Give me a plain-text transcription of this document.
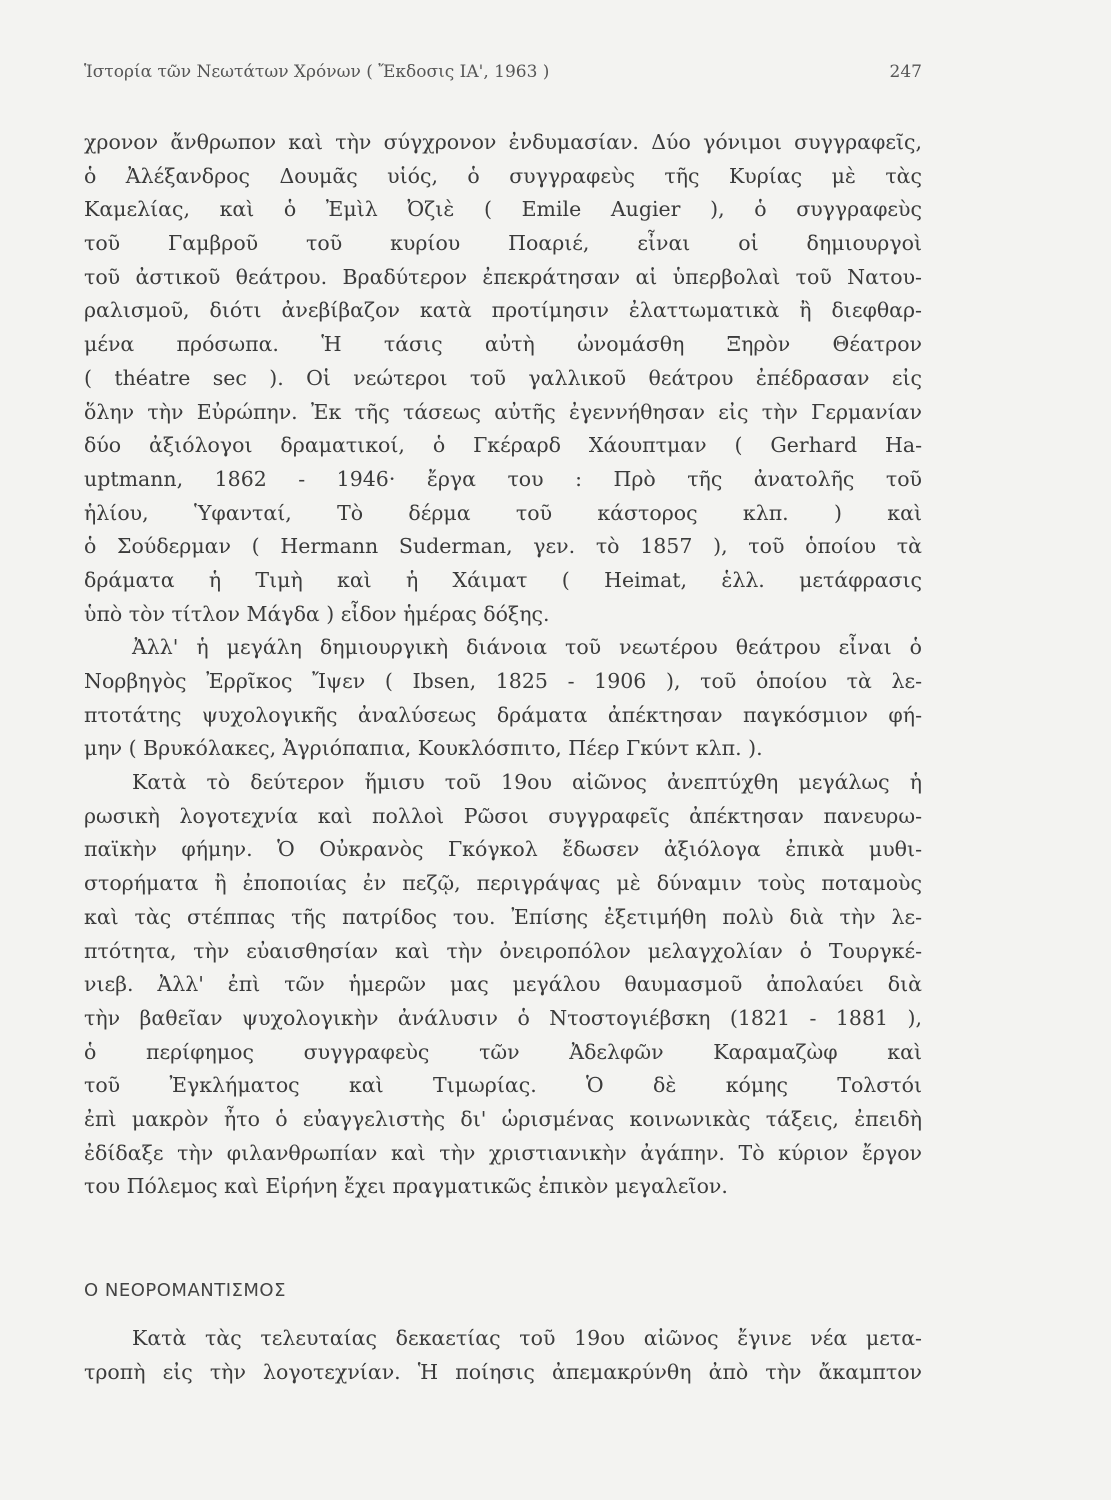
Ἱστορία τῶν Νεωτάτων Χρόνων ( Ἔκδοσις ΙΑ', 1963 )	247
χρονον ἄνθρωπον καὶ τὴν σύγχρονον ἐνδυμασίαν. Δύο γόνιμοι συγγραφεῖς,
ὁ Ἀλέξανδρος Δουμᾶς υἱός, ὁ συγγραφεὺς τῆς Κυρίας μὲ τὰς
Καμελίας, καὶ ὁ Ἐμὶλ Ὀζιὲ ( Emile Augier ), ὁ συγγραφεὺς
τοῦ Γαμβροῦ τοῦ κυρίου Ποαριέ, εἶναι οἱ δημιουργοὶ
τοῦ ἀστικοῦ θεάτρου. Βραδύτερον ἐπεκράτησαν αἱ ὑπερβολαὶ τοῦ Νατου-
ραλισμοῦ, διότι ἀνεβίβαζον κατὰ προτίμησιν ἐλαττωματικὰ ἢ διεφθαρ-
μένα πρόσωπα. Ἡ τάσις αὐτὴ ὠνομάσθη Ξηρὸν Θέατρον
( théatre sec ). Οἱ νεώτεροι τοῦ γαλλικοῦ θεάτρου ἐπέδρασαν εἰς
ὅλην τὴν Εὐρώπην. Ἐκ τῆς τάσεως αὐτῆς ἐγεννήθησαν εἰς τὴν Γερμανίαν
δύο ἀξιόλογοι δραματικοί, ὁ Γκέραρδ Χάουπτμαν ( Gerhard Ha-
uptmann, 1862 - 1946· ἔργα του : Πρὸ τῆς ἀνατολῆς τοῦ
ἡλίου, Ὑφανταί, Τὸ δέρμα τοῦ κάστορος κλπ. ) καὶ
ὁ Σούδερμαν ( Hermann Suderman, γεν. τὸ 1857 ), τοῦ ὁποίου τὰ
δράματα ἡ Τιμὴ καὶ ἡ Χάιματ ( Heimat, ἑλλ. μετάφρασις
ὑπὸ τὸν τίτλον Μάγδα ) εἶδον ἡμέρας δόξης.
Ἀλλ' ἡ μεγάλη δημιουργικὴ διάνοια τοῦ νεωτέρου θεάτρου εἶναι ὁ
Νορβηγὸς Ἐρρῖκος Ἴψεν ( Ibsen, 1825 - 1906 ), τοῦ ὁποίου τὰ λε-
πτοτάτης ψυχολογικῆς ἀναλύσεως δράματα ἀπέκτησαν παγκόσμιον φή-
μην ( Βρυκόλακες, Ἀγριόπαπια, Κουκλόσπιτο, Πέερ Γκύντ κλπ. ).
Κατὰ τὸ δεύτερον ἥμισυ τοῦ 19ου αἰῶνος ἀνεπτύχθη μεγάλως ἡ
ρωσικὴ λογοτεχνία καὶ πολλοὶ Ρῶσοι συγγραφεῖς ἀπέκτησαν πανευρω-
παϊκὴν φήμην. Ὁ Οὐκρανὸς Γκόγκολ ἔδωσεν ἀξιόλογα ἐπικὰ μυθι-
στορήματα ἢ ἐποποιίας ἐν πεζῷ, περιγράψας μὲ δύναμιν τοὺς ποταμοὺς
καὶ τὰς στέππας τῆς πατρίδος του. Ἐπίσης ἐξετιμήθη πολὺ διὰ τὴν λε-
πτότητα, τὴν εὐαισθησίαν καὶ τὴν ὀνειροπόλον μελαγχολίαν ὁ Τουργκέ-
νιεβ. Ἀλλ' ἐπὶ τῶν ἡμερῶν μας μεγάλου θαυμασμοῦ ἀπολαύει διὰ
τὴν βαθεῖαν ψυχολογικὴν ἀνάλυσιν ὁ Ντοστογιέβσκη (1821 - 1881 ),
ὁ περίφημος συγγραφεὺς τῶν Ἀδελφῶν Καραμαζὼφ καὶ
τοῦ Ἐγκλήματος καὶ Τιμωρίας. Ὁ δὲ κόμης Τολστόι
ἐπὶ μακρὸν ἦτο ὁ εὐαγγελιστὴς δι' ὡρισμένας κοινωνικὰς τάξεις, ἐπειδὴ
ἐδίδαξε τὴν φιλανθρωπίαν καὶ τὴν χριστιανικὴν ἀγάπην. Τὸ κύριον ἔργον
του Πόλεμος καὶ Εἰρήνη ἔχει πραγματικῶς ἐπικὸν μεγαλεῖον.
Ο ΝΕΟΡΟΜΑΝΤΙΣΜΟΣ
Κατὰ τὰς τελευταίας δεκαετίας τοῦ 19ου αἰῶνος ἔγινε νέα μετα-
τροπὴ εἰς τὴν λογοτεχνίαν. Ἡ ποίησις ἀπεμακρύνθη ἀπὸ τὴν ἄκαμπτον
